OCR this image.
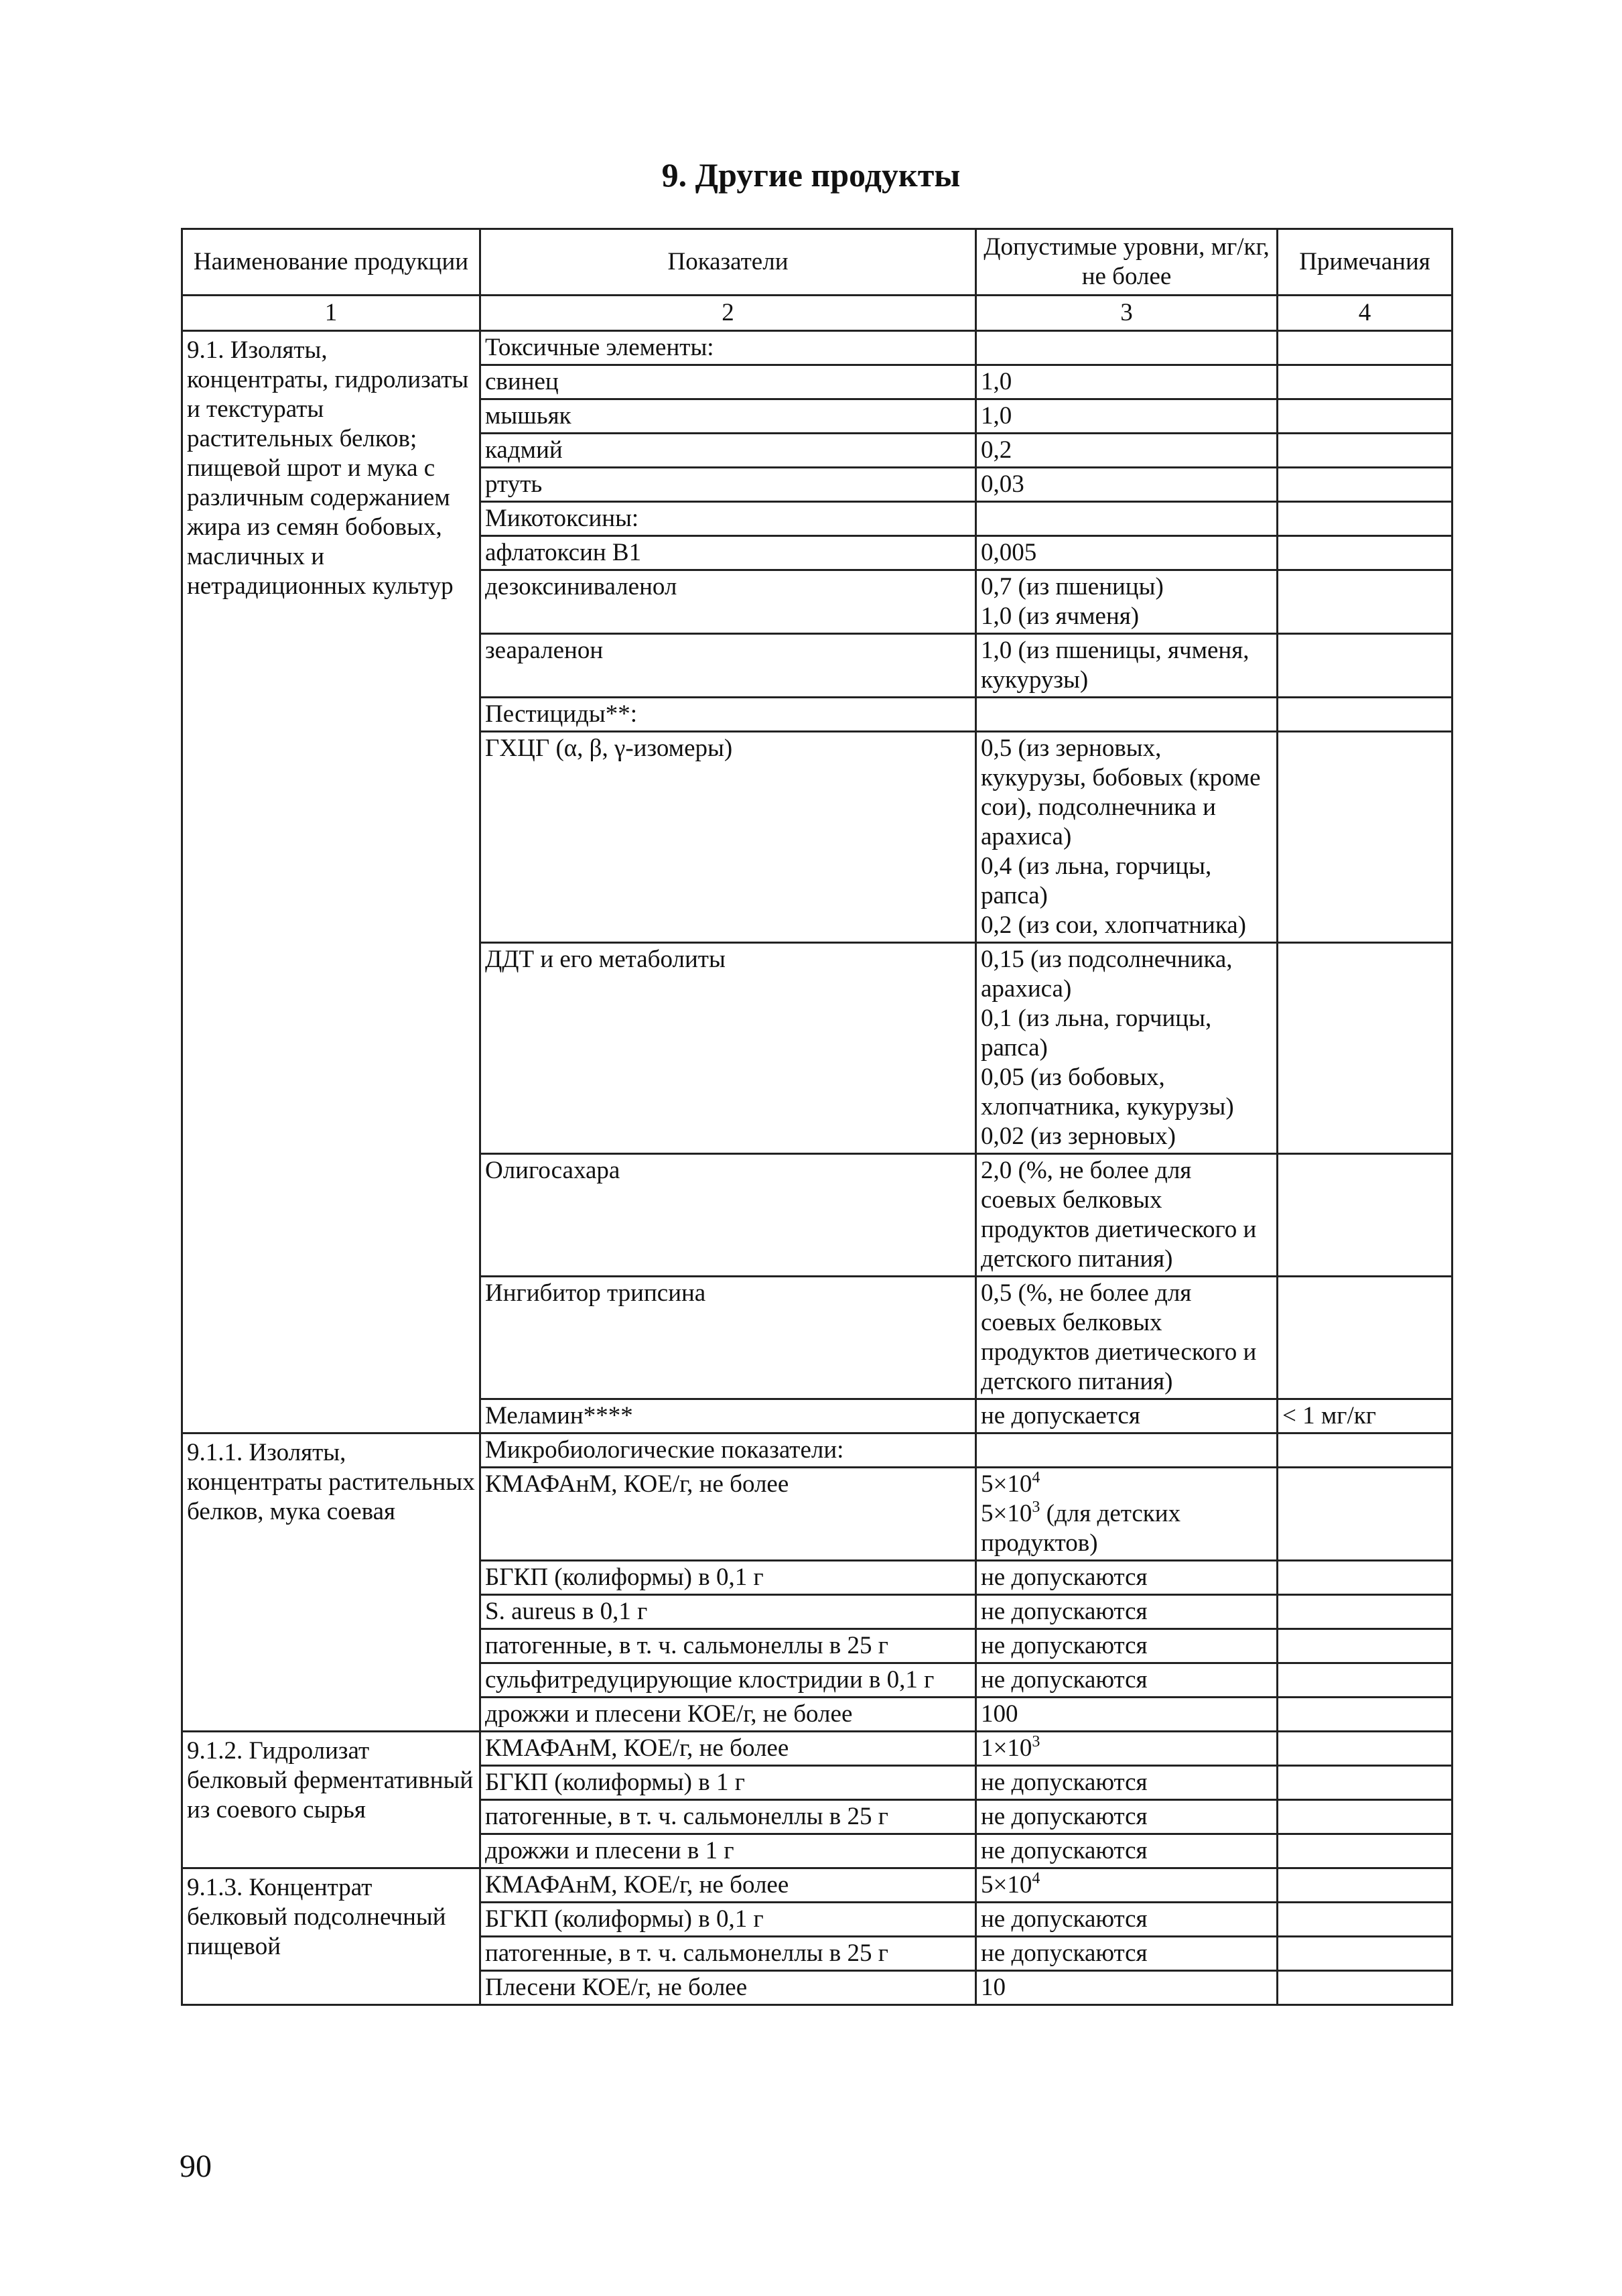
9. Другие продукты
Наименование продукции	Показатели	Допустимые уровни, мг/кг, не более	Примечания
1	2	3	4
9.1. Изоляты, концентраты, гидролизаты и текстураты растительных белков; пищевой шрот и мука с различным содержанием жира из семян бобовых, масличных и нетрадиционных культур	Токсичные элементы:		
	свинец	1,0	
	мышьяк	1,0	
	кадмий	0,2	
	ртуть	0,03	
	Микотоксины:		
	афлатоксин В1	0,005	
	дезоксиниваленол	0,7 (из пшеницы)
1,0 (из ячменя)	

	зеараленон	1,0 (из пшеницы, ячменя, кукурузы)	
	Пестициды**:		
	ГХЦГ (α, β, γ-изомеры)	0,5 (из зерновых, кукурузы, бобовых (кроме сои), подсолнечника и арахиса)
0,4 (из льна, горчицы, рапса)
0,2 (из сои, хлопчатника)	

	ДДТ и его метаболиты	0,15 (из подсолнечника, арахиса)
0,1 (из льна, горчицы, рапса)
0,05 (из бобовых, хлопчатника, кукурузы)
0,02 (из зерновых)	

	Олигосахара	2,0 (%, не более для соевых белковых продуктов диетического и детского питания)	
	Ингибитор трипсина	0,5 (%, не более для соевых белковых продуктов диетического и детского питания)	
	Меламин****	не допускается	< 1 мг/кг
9.1.1. Изоляты, концентраты растительных белков, мука соевая	Микробиологические показатели:		
	КМАФАнМ, КОЕ/г, не более	$5\times 10^4$
$5\times 10^3$ (для детских продуктов)	

	БГКП (колиформы) в 0,1 г	не допускаются	
	S. aureus в 0,1 г	не допускаются	
	патогенные, в т. ч. сальмонеллы в 25 г	не допускаются	
	сульфитредуцирующие клостридии в 0,1 г	не допускаются	
	дрожжи и плесени КОЕ/г, не более	100	
9.1.2. Гидролизат белковый ферментативный из соевого сырья	КМАФАнМ, КОЕ/г, не более	$1\times 10^3$	
	БГКП (колиформы) в 1 г	не допускаются	
	патогенные, в т. ч. сальмонеллы в 25 г	не допускаются	
	дрожжи и плесени в 1 г	не допускаются	
9.1.3. Концентрат белковый подсолнечный пищевой	КМАФАнМ, КОЕ/г, не более	$5\times 10^4$	
	БГКП (колиформы) в 0,1 г	не допускаются	
	патогенные, в т. ч. сальмонеллы в 25 г	не допускаются	
	Плесени КОЕ/г, не более	10	
90
